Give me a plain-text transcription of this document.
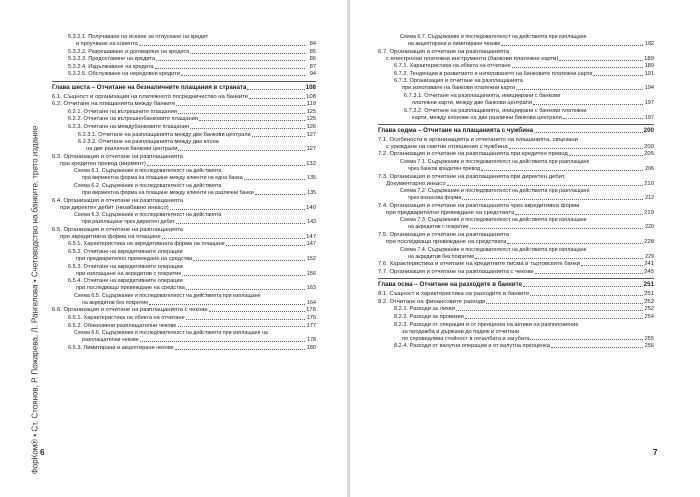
ФорКом® • Ст. Стоянов, Р. Пожарева, Л. Рангелова • Счетоводство на банките, трето издание
5.3.2.1. Получаване на искане за отпускане на кредит
и проучване на клиента	84
5.3.2.2. Разрешаване и договаряне на кредита	85
5.3.2.3. Предоставяне на кредита	86
5.3.2.4. Издължаване на кредита	87
5.3.2.5. Обслужване на нередовни кредити	94
Глава шеста – Отчитане на безналичните плащания в страната	108
6.1. Същност и организация на платежното посредничество на банките	108
6.2. Отчитане на плащанията между банките	119
6.2.1. Отчитане на вътрешните плащания	125
6.2.2. Отчитане на вътрешнобанковите плащания	125
6.2.3. Отчитане на междубанковите плащания	126
6.2.3.1. Отчитане на разплащанията между две банкови централи	127
6.2.3.2. Отчитане на разплащанията между два клона
на две различни банкови централи	127
6.3. Организация и отчитане на разплащанията
при кредитен превод (вирмент)	132
Схема 6.1. Съдържание и последователност на действията
при вирментна форма на плащане между клиенти на една банка	135
Схема 6.2. Съдържание и последователност на действията
при вирментна форма на плащане между клиенти на различни банки	135
6.4. Организация и отчитане на разплащанията
при директен дебит (незабавно инкасо)	140
Схема 6.3. Съдържание и последователност на действията
при разплащане чрез директен дебит	143
6.5. Организация и отчитане на разплащанията
при акредитивна форма на плащане	147
6.5.1. Характеристика на акредитивната форма на плащане	147
6.5.2. Отчитане на акредитивните операции
при предварително превеждане на средства	152
6.5.3. Отчитане на акредитивните операции
при изплащане на акредитив с покритие	156
6.5.4. Отчитане на акредитивните операции
при последващо превеждане на средства	163
Схема 6.5. Съдържание и последователност на действията при изплащане
на акредитив без покритие	164
6.6. Организация и отчитане на разплащанията с чекове	176
6.6.1. Характеристика на обекта на отчитане	176
6.6.2. Обикновени разплащателни чекове	177
Схема 6.6. Съдържание и последователност на действията при изплащане на
разплащателни чекове	178
6.6.3. Лимитирани и акцептирани чекове	180
Схема 6.7. Съдържание и последователност на действията при изплащане
на акцептирани и лимитирани чекове	182
6.7. Организация и отчитане на разплащанията
с електронни платежни инструменти (банкови платежни карти)	189
6.7.1. Характеристика на обекта на отчитане	189
6.7.2. Тенденции в развитието и използването на банковите платежни карти	191
6.7.3. Организация и отчитане на разплащанията
при използване на банкови платежни карти	194
6.7.3.1. Отчитане на разплащанията, инициирани с банкови
платежни карти, между две банкови централи	197
6.7.3.2. Отчитане на разплащанията, инициирани с банкови платежни
карти, между клонове на две различни банкови централи	197
Глава седма – Отчитане на плащанията с чужбина	200
7.1. Особености в организацията и отчитането на плащанията, свързани
с уреждане на сметни отношения с чужбина	200
7.2. Организация и отчитане на разплащанията при кредитен превод	205
Схема 7.1. Съдържание и последователност на действията при разплащане
чрез банков кредитен превод	206
7.3. Организация и отчитане на разплащанията при директен дебит.
Документарно инкасо	210
Схема 7.2. Съдържание и последователност на действията при разплащане
чрез инкасова форма	212
7.4. Организация и отчитане на разплащанията чрез акредитивна форма
при предварително превеждане на средствата	219
Схема 7.3. Съдържание и последователност на действията при изплащане
на акредитив с покритие	220
7.5. Организация и отчитане на разплащанията
при последващо превеждане на средствата	228
Схема 7.4. Съдържание и последователност на действията при изплащане
на акредитив без покритие	229
7.6. Характеристика и отчитане на кредитните писма в търговските банки	241
7.7. Организация и отчитане на разплащанията с чекове	245
Глава осма – Отчитане на разходите в банките	251
8.1. Същност и характеристика на разходите в банките	251
8.2. Отчитане на финансовите разходи	252
8.2.1. Разходи за лихви	252
8.2.2. Разходи за провизии	254
8.2.3. Разходи от операции и от преоценка на активи на разположение
за продажба и държани до падеж и отчитани
по справедлива стойност в печалбата и загубата	255
8.2.4. Разходи от валутни операции и от валутна преоценка	256
6	7
